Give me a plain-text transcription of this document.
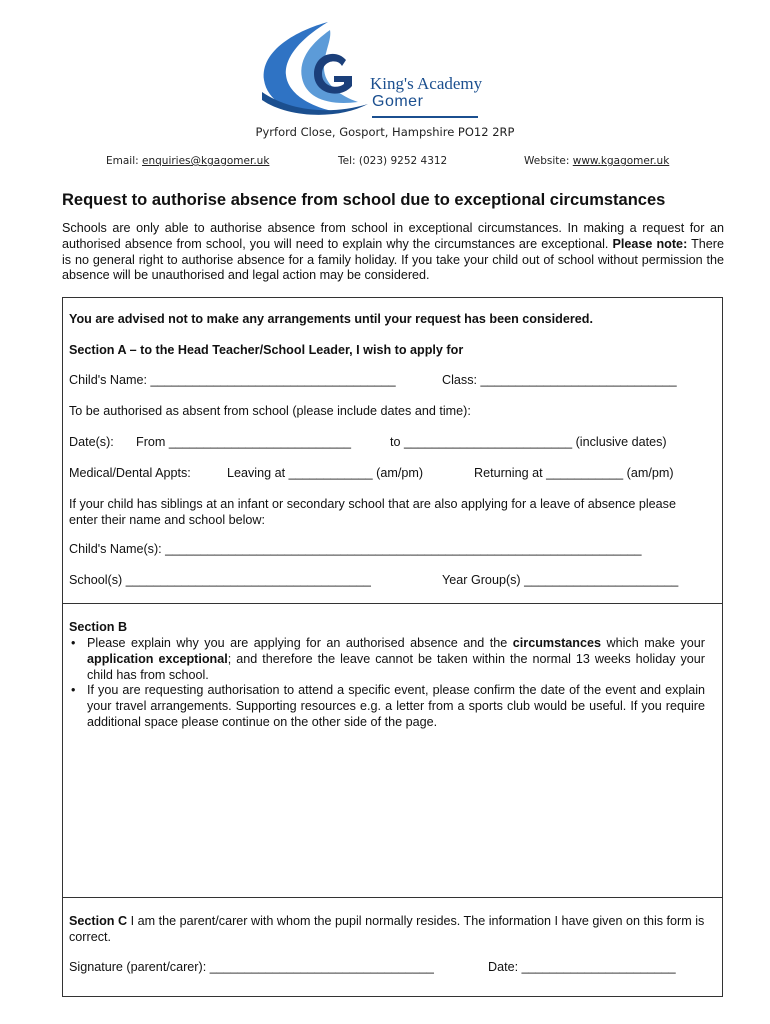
King's Academy
Gomer
Pyrford Close, Gosport, Hampshire PO12 2RP
Email: enquiries@kgagomer.uk	Tel: (023) 9252 4312	Website: www.kgagomer.uk
Request to authorise absence from school due to exceptional circumstances
Schools are only able to authorise absence from school in exceptional circumstances. In making a request for an authorised absence from school, you will need to explain why the circumstances are exceptional. Please note: There is no general right to authorise absence for a family holiday. If you take your child out of school without permission the absence will be unauthorised and legal action may be considered.
You are advised not to make any arrangements until your request has been considered.
Section A – to the Head Teacher/School Leader, I wish to apply for
Child's Name: ___________________________________	Class: ____________________________
To be authorised as absent from school (please include dates and time):
Date(s): From __________________________	to ________________________ (inclusive dates)
Medical/Dental Appts:	Leaving at ____________ (am/pm)	Returning at ___________ (am/pm)
If your child has siblings at an infant or secondary school that are also applying for a leave of absence please enter their name and school below:
Child's Name(s): ____________________________________________________________________
School(s) ___________________________________	Year Group(s) ______________________
Section B
• Please explain why you are applying for an authorised absence and the circumstances which make your application exceptional; and therefore the leave cannot be taken within the normal 13 weeks holiday your child has from school.
• If you are requesting authorisation to attend a specific event, please confirm the date of the event and explain your travel arrangements. Supporting resources e.g. a letter from a sports club would be useful. If you require additional space please continue on the other side of the page.
Section C I am the parent/carer with whom the pupil normally resides. The information I have given on this form is correct.
Signature (parent/carer): ________________________________	Date: ______________________
